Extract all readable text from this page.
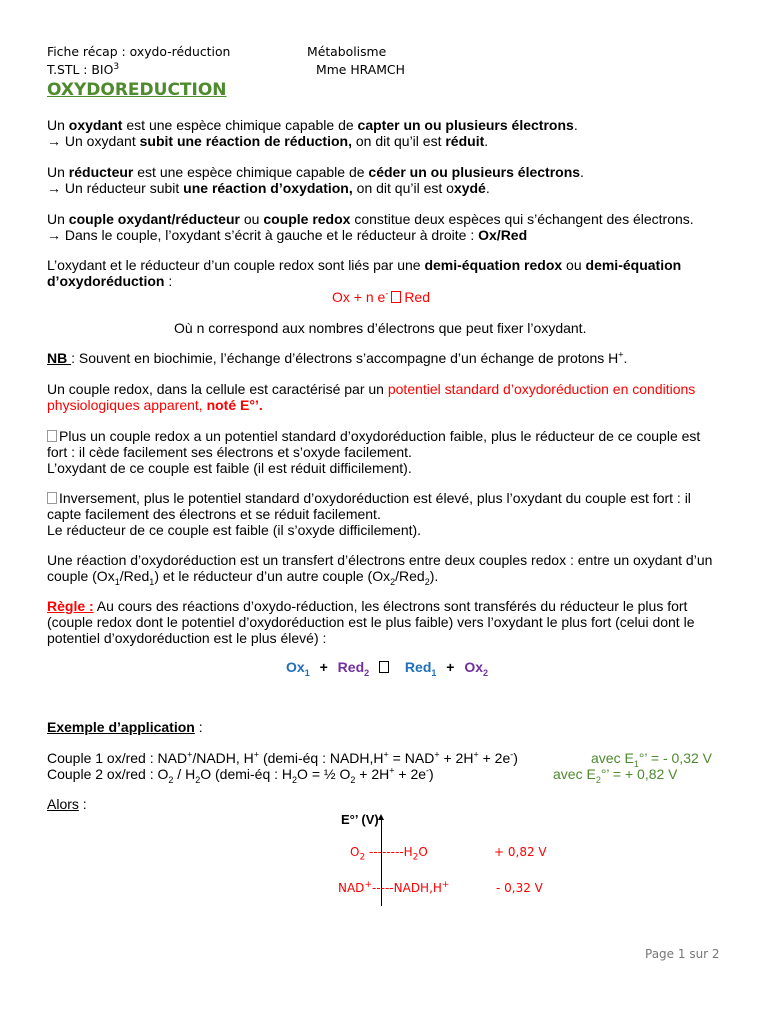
Fiche récap : oxydo-réduction
T.STL : BIO$^3$
Métabolisme
Mme HRAMCH
OXYDOREDUCTION
Un oxydant est une espèce chimique capable de capter un ou plusieurs électrons.
→ Un oxydant subit une réaction de réduction, on dit qu’il est réduit.
Un réducteur est une espèce chimique capable de céder un ou plusieurs électrons.
→ Un réducteur subit une réaction d’oxydation, on dit qu’il est oxydé.
Un couple oxydant/réducteur ou couple redox constitue deux espèces qui s’échangent des électrons.
→ Dans le couple, l’oxydant s’écrit à gauche et le réducteur à droite : Ox/Red
L’oxydant et le réducteur d’un couple redox sont liés par une demi-équation redox ou demi-équation
d’oxydoréduction :
Ox + n e- Red
Où n correspond aux nombres d’électrons que peut fixer l’oxydant.
NB : Souvent en biochimie, l’échange d’électrons s’accompagne d’un échange de protons H+.
Un couple redox, dans la cellule est caractérisé par un potentiel standard d’oxydoréduction en conditions
physiologiques apparent, noté E°’.
Plus un couple redox a un potentiel standard d’oxydoréduction faible, plus le réducteur de ce couple est
fort : il cède facilement ses électrons et s’oxyde facilement.
L’oxydant de ce couple est faible (il est réduit difficilement).
Inversement, plus le potentiel standard d’oxydoréduction est élevé, plus l’oxydant du couple est fort : il
capte facilement des électrons et se réduit facilement.
Le réducteur de ce couple est faible (il s’oxyde difficilement).
Une réaction d’oxydoréduction est un transfert d’électrons entre deux couples redox : entre un oxydant d’un
couple $(Ox_1/Red_1)$ et le réducteur d’un autre couple $(Ox_2/Red_2)$.
Règle : Au cours des réactions d’oxydo-réduction, les électrons sont transférés du réducteur le plus fort
(couple redox dont le potentiel d’oxydoréduction est le plus faible) vers l’oxydant le plus fort (celui dont le
potentiel d’oxydoréduction est le plus élevé) :
$Ox_1 + Red_2$	$Red_1 + Ox_2$
Exemple d’application :
Couple 1 ox/red : NAD+/NADH, H+ (demi-éq : NADH,H+ = NAD+ + 2H+ + 2e-)	avec $E_1^\circ$’ = - 0,32 V
Couple 2 ox/red : $O_2 / H_2O$ (demi-éq : $H_2O$ = ½ $O_2 + 2H^+ + 2e^-$)	avec $E_2^\circ$’ = + 0,82 V
Alors :
E°’ (V)
$O_2$ $--------H_2O$	+ 0,82 V
NAD+-----NADH,H+	- 0,32 V
Page 1 sur 2
